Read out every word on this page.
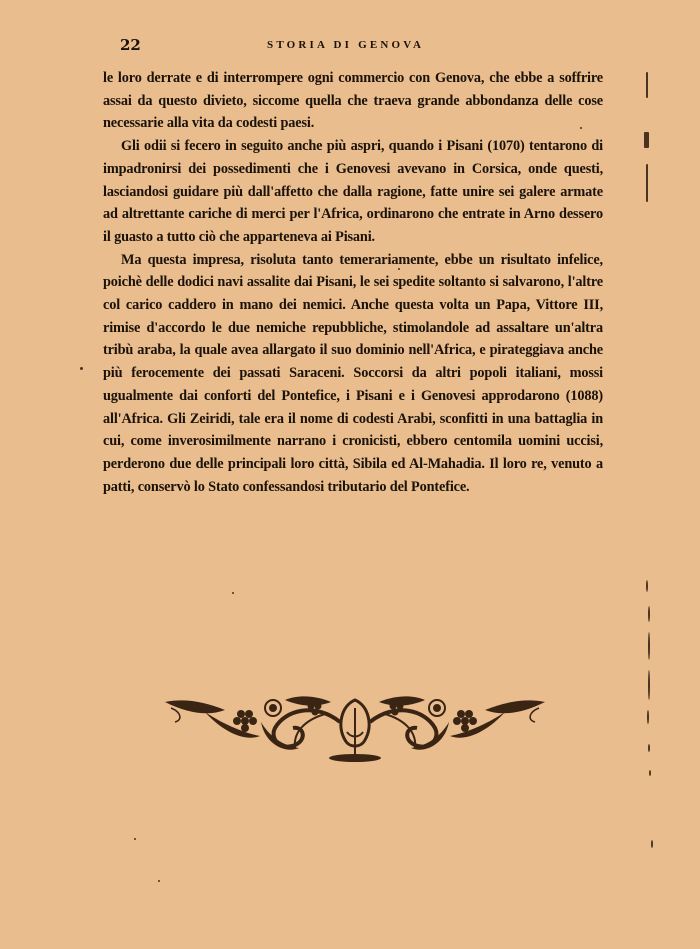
22	STORIA DI GENOVA

le loro derrate e di interrompere ogni commercio con Genova, che ebbe a soffrire assai da questo divieto, siccome quella che traeva grande abbondanza delle cose necessarie alla vita da codesti paesi.

Gli odii si fecero in seguito anche più aspri, quando i Pisani (1070) tentarono di impadronirsi dei possedimenti che i Genovesi avevano in Corsica, onde questi, lasciandosi guidare più dall'affetto che dalla ragione, fatte unire sei galere armate ad altrettante cariche di merci per l'Africa, ordinarono che entrate in Arno dessero il guasto a tutto ciò che apparteneva ai Pisani.

Ma questa impresa, risoluta tanto temerariamente, ebbe un risultato infelice, poichè delle dodici navi assalite dai Pisani, le sei spedite soltanto si salvarono, l'altre col carico caddero in mano dei nemici. Anche questa volta un Papa, Vittore III, rimise d'accordo le due nemiche repubbliche, stimolandole ad assaltare un'altra tribù araba, la quale avea allargato il suo dominio nell'Africa, e pirateggiava anche più ferocemente dei passati Saraceni. Soccorsi da altri popoli italiani, mossi ugualmente dai conforti del Pontefice, i Pisani e i Genovesi approdarono (1088) all'Africa. Gli Zeiridi, tale era il nome di codesti Arabi, sconfitti in una battaglia in cui, come inverosimilmente narrano i cronicisti, ebbero centomila uomini uccisi, perderono due delle principali loro città, Sibila ed Al-Mahadia. Il loro re, venuto a patti, conservò lo Stato confessandosi tributario del Pontefice.
